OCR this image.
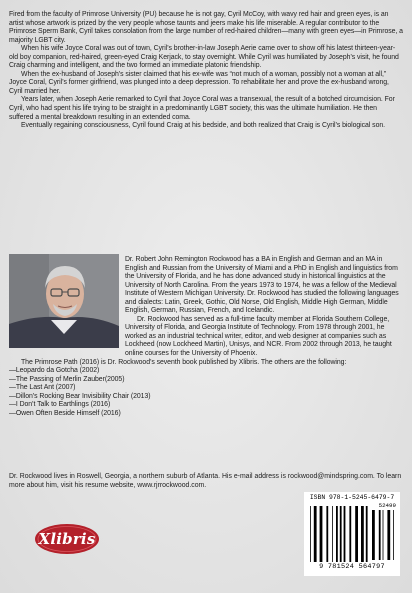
Fired from the faculty of Primrose University (PU) because he is not gay, Cyril McCoy, with wavy red hair and green eyes, is an artist whose artwork is prized by the very people whose taunts and jeers make his life miserable. A regular contributor to the Primrose Sperm Bank, Cyril takes consolation from the large number of red-haired children—many with green eyes—in Primrose, a majority LGBT city.

When his wife Joyce Coral was out of town, Cyril’s brother-in-law Joseph Aerie came over to show off his latest thirteen-year-old boy companion, red-haired, green-eyed Craig Kerjack, to stay overnight. While Cyril was humiliated by Joseph’s visit, he found Craig charming and intelligent, and the two formed an immediate platonic friendship.

When the ex-husband of Joseph’s sister claimed that his ex-wife was “not much of a woman, possibly not a woman at all,” Joyce Coral, Cyril’s former girlfriend, was plunged into a deep depression. To rehabilitate her and prove the ex-husband wrong, Cyril married her.

Years later, when Joseph Aerie remarked to Cyril that Joyce Coral was a transexual, the result of a botched circumcision. For Cyril, who had spent his life trying to be straight in a predominantly LGBT society, this was the ultimate humiliation. He then suffered a mental breakdown resulting in an extended coma.

Eventually regaining consciousness, Cyril found Craig at his bedside, and both realized that Craig is Cyril’s biological son.

Dr. Robert John Remington Rockwood has a BA in English and German and an MA in English and Russian from the University of Miami and a PhD in English and linguistics from the University of Florida, and he has done advanced study in historical linguistics at the University of North Carolina. From the years 1973 to 1974, he was a fellow of the Medieval Institute of Western Michigan University. Dr. Rockwood has studied the following languages and dialects: Latin, Greek, Gothic, Old Norse, Old English, Middle High German, Middle English, German, Russian, French, and Icelandic.

Dr. Rockwood has served as a full-time faculty member at Florida Southern College, University of Florida, and Georgia Institute of Technology. From 1978 through 2001, he worked as an industrial technical writer, editor, and web designer at companies such as Lockheed (now Lockheed Martin), Unisys, and NCR. From 2002 through 2013, he taught online courses for the University of Phoenix.

The Primrose Path (2016) is Dr. Rockwood’s seventh book published by Xlibris. The others are the following:

—Leopardo da Gotcha (2002)
—The Passing of Merlin Zauber(2005)
—The Last Ant (2007)
—Dillon’s Rocking Bear Invisibility Chair (2013)
—I Don’t Talk to Earthlings (2016)
—Owen Often Beside Himself (2016)

Dr. Rockwood lives in Roswell, Georgia, a northern suburb of Atlanta. His e-mail address is rockwood@mindspring.com. To learn more about him, visit his resume website, www.rjrrockwood.com.

Xlibris
ISBN 978-1-5245-6479-7
52499
9 781524 564797
